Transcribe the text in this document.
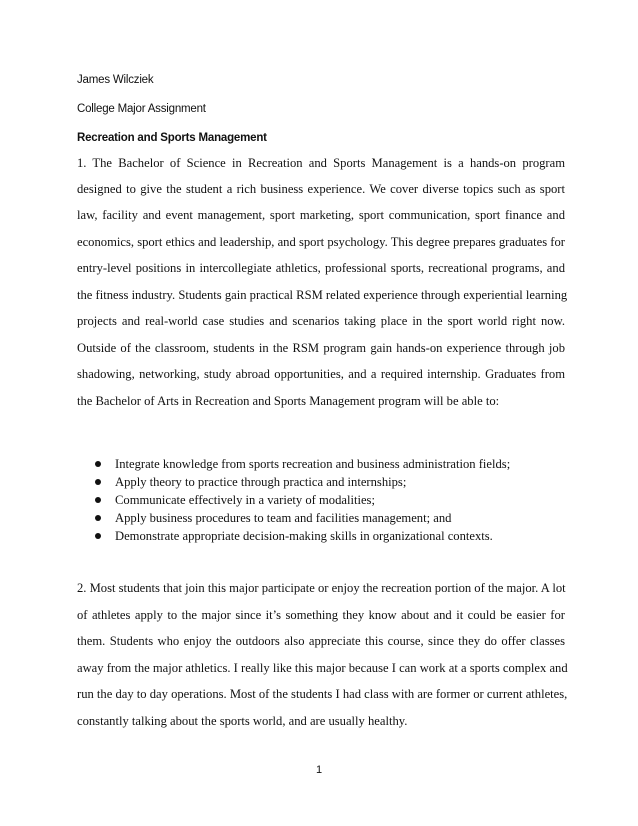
James Wilcziek
College Major Assignment
Recreation and Sports Management
1. The Bachelor of Science in Recreation and Sports Management is a hands-on program
designed to give the student a rich business experience. We cover diverse topics such as sport
law, facility and event management, sport marketing, sport communication, sport finance and
economics, sport ethics and leadership, and sport psychology. This degree prepares graduates for
entry-level positions in intercollegiate athletics, professional sports, recreational programs, and
the fitness industry. Students gain practical RSM related experience through experiential learning
projects and real-world case studies and scenarios taking place in the sport world right now.
Outside of the classroom, students in the RSM program gain hands-on experience through job
shadowing, networking, study abroad opportunities, and a required internship. Graduates from
the Bachelor of Arts in Recreation and Sports Management program will be able to:
Integrate knowledge from sports recreation and business administration fields;
Apply theory to practice through practica and internships;
Communicate effectively in a variety of modalities;
Apply business procedures to team and facilities management; and
Demonstrate appropriate decision-making skills in organizational contexts.
2. Most students that join this major participate or enjoy the recreation portion of the major. A lot
of athletes apply to the major since it’s something they know about and it could be easier for
them. Students who enjoy the outdoors also appreciate this course, since they do offer classes
away from the major athletics. I really like this major because I can work at a sports complex and
run the day to day operations. Most of the students I had class with are former or current athletes,
constantly talking about the sports world, and are usually healthy.
1
